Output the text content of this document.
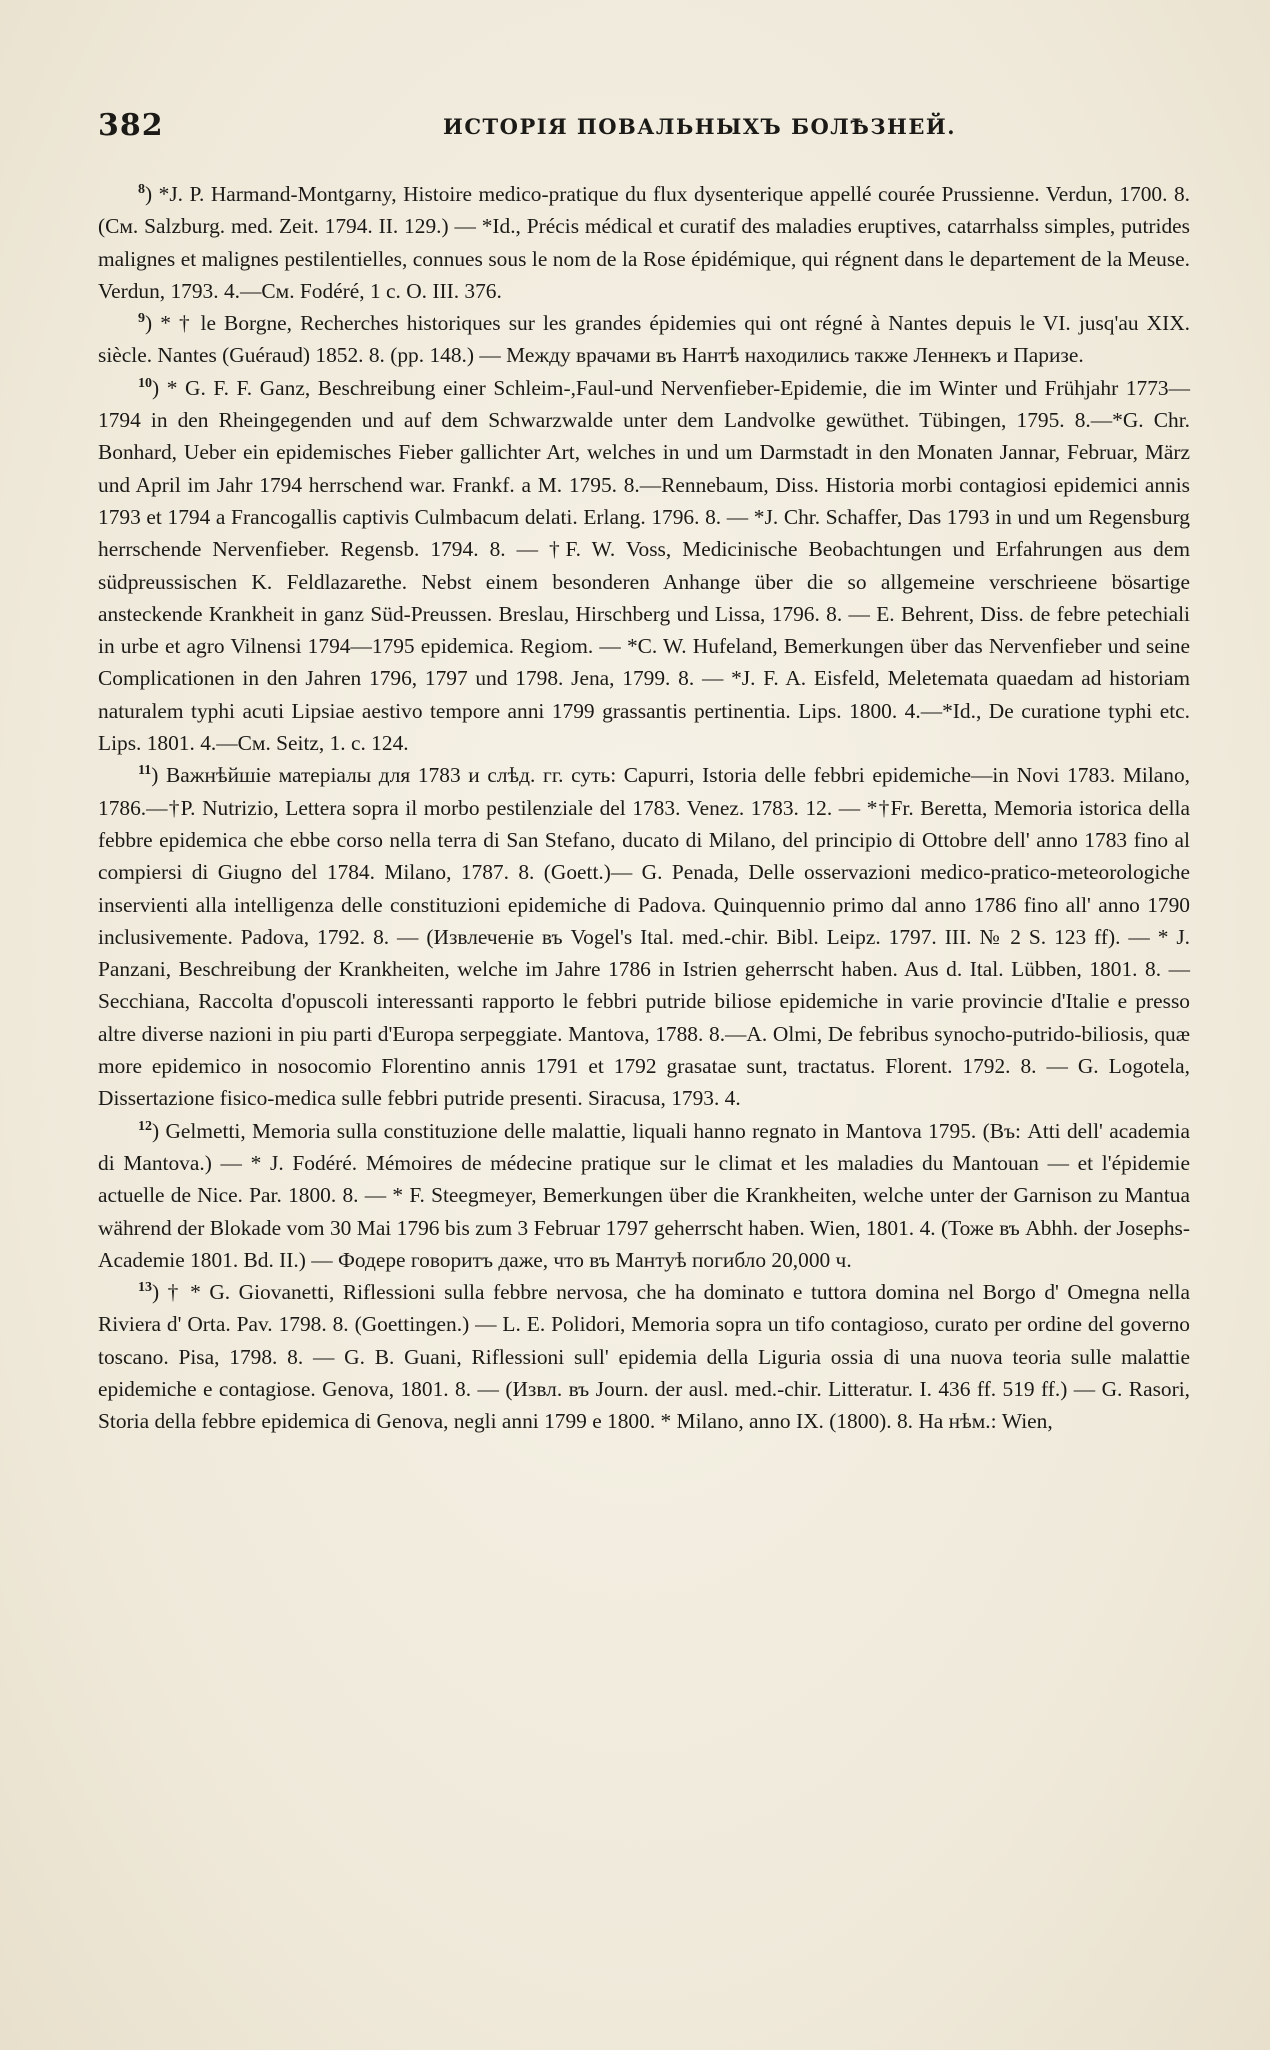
382	ИСТОРІЯ ПОВАЛЬНЫХЪ БОЛѢЗНЕЙ.

$^8$) *J. P. Harmand-Montgarny, Histoire medico-pratique du flux dysenterique appellé courée Prussienne. Verdun, 1700. 8. (См. Salzburg. med. Zeit. 1794. II. 129.) — *Id., Précis médical et curatif des maladies eruptives, catarrhalss simples, putrides malignes et malignes pestilentielles, connues sous le nom de la Rose épidémique, qui régnent dans le departement de la Meuse. Verdun, 1793. 4.—См. Fodéré, 1 c. O. III. 376.

$^9$) * † le Borgne, Recherches historiques sur les grandes épidemies qui ont régné à Nantes depuis le VI. jusq'au XIX. siècle. Nantes (Guéraud) 1852. 8. (pp. 148.) — Между врачами въ Нантѣ находились также Леннекъ и Паризе.

$^{10}$) * G. F. F. Ganz, Beschreibung einer Schleim-,Faul-und Nervenfieber-Epidemie, die im Winter und Frühjahr 1773—1794 in den Rheingegenden und auf dem Schwarzwalde unter dem Landvolke gewüthet. Tübingen, 1795. 8.—*G. Chr. Bonhard, Ueber ein epidemisches Fieber gallichter Art, welches in und um Darmstadt in den Monaten Jannar, Februar, März und April im Jahr 1794 herrschend war. Frankf. a M. 1795. 8.—Rennebaum, Diss. Historia morbi contagiosi epidemici annis 1793 et 1794 a Francogallis captivis Culmbacum delati. Erlang. 1796. 8. — *J. Chr. Schaffer, Das 1793 in und um Regensburg herrschende Nervenfieber. Regensb. 1794. 8. — †F. W. Voss, Medicinische Beobachtungen und Erfahrungen aus dem südpreussischen K. Feldlazarethe. Nebst einem besonderen Anhange über die so allgemeine verschrieene bösartige ansteckende Krankheit in ganz Süd-Preussen. Breslau, Hirschberg und Lissa, 1796. 8. — E. Behrent, Diss. de febre petechiali in urbe et agro Vilnensi 1794—1795 epidemica. Regiom. — *C. W. Hufeland, Bemerkungen über das Nervenfieber und seine Complicationen in den Jahren 1796, 1797 und 1798. Jena, 1799. 8. — *J. F. A. Eisfeld, Meletemata quaedam ad historiam naturalem typhi acuti Lipsiae aestivo tempore anni 1799 grassantis pertinentia. Lips. 1800. 4.—*Id., De curatione typhi etc. Lips. 1801. 4.—См. Seitz, 1. c. 124.

$^{11}$) Важнѣйшіе матеріалы для 1783 и слѣд. гг. суть: Capurri, Istoria delle febbri epidemiche—in Novi 1783. Milano, 1786.—†P. Nutrizio, Lettera sopra il morbo pestilenziale del 1783. Venez. 1783. 12. — *†Fr. Beretta, Memoria istorica della febbre epidemica che ebbe corso nella terra di San Stefano, ducato di Milano, del principio di Ottobre dell' anno 1783 fino al compiersi di Giugno del 1784. Milano, 1787. 8. (Goett.)— G. Penada, Delle osservazioni medico-pratico-meteorologiche inservienti alla intelligenza delle constituzioni epidemiche di Padova. Quinquennio primo dal anno 1786 fino all' anno 1790 inclusivemente. Padova, 1792. 8. — (Извлеченіе въ Vogel's Ital. med.-chir. Bibl. Leipz. 1797. III. № 2 S. 123 ff). — * J. Panzani, Beschreibung der Krankheiten, welche im Jahre 1786 in Istrien geherrscht haben. Aus d. Ital. Lübben, 1801. 8. — Secchiana, Raccolta d'opuscoli interessanti rapporto le febbri putride biliose epidemiche in varie provincie d'Italie e presso altre diverse nazioni in piu parti d'Europa serpeggiate. Mantova, 1788. 8.—A. Olmi, De febribus synocho-putrido-biliosis, quæ more epidemico in nosocomio Florentino annis 1791 et 1792 grasatae sunt, tractatus. Florent. 1792. 8. — G. Logotela, Dissertazione fisico-medica sulle febbri putride presenti. Siracusa, 1793. 4.

$^{12}$) Gelmetti, Memoria sulla constituzione delle malattie, liquali hanno regnato in Mantova 1795. (Въ: Atti dell' academia di Mantova.) — * J. Fodéré. Mémoires de médecine pratique sur le climat et les maladies du Mantouan — et l'épidemie actuelle de Nice. Par. 1800. 8. — * F. Steegmeyer, Bemerkungen über die Krankheiten, welche unter der Garnison zu Mantua während der Blokade vom 30 Mai 1796 bis zum 3 Februar 1797 geherrscht haben. Wien, 1801. 4. (Тоже въ Abhh. der Josephs-Academie 1801. Bd. II.) — Фодере говоритъ даже, что въ Мантуѣ погибло 20,000 ч.

$^{13}$) † * G. Giovanetti, Riflessioni sulla febbre nervosa, che ha dominato e tuttora domina nel Borgo d' Omegna nella Riviera d' Orta. Pav. 1798. 8. (Goettingen.) — L. E. Polidori, Memoria sopra un tifo contagioso, curato per ordine del governo toscano. Pisa, 1798. 8. — G. B. Guani, Riflessioni sull' epidemia della Liguria ossia di una nuova teoria sulle malattie epidemiche e contagiose. Genova, 1801. 8. — (Извл. въ Journ. der ausl. med.-chir. Litteratur. I. 436 ff. 519 ff.) — G. Rasori, Storia della febbre epidemica di Genova, negli anni 1799 e 1800. * Milano, anno IX. (1800). 8. На нѣм.: Wien,
